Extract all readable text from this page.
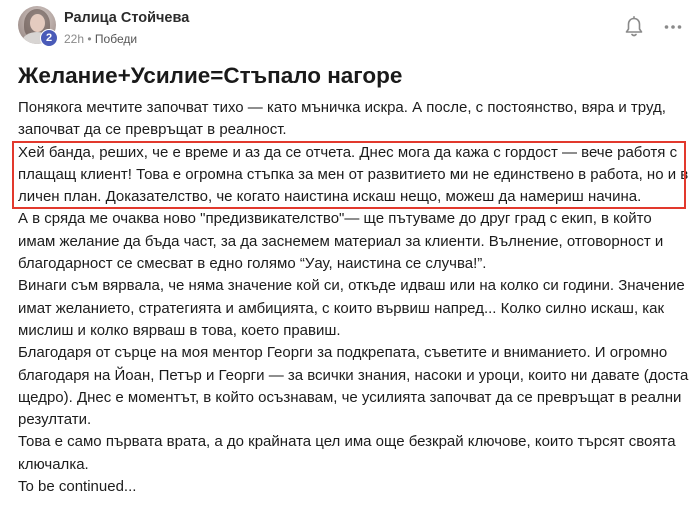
2
Ралица Стойчева
22h • Победи
Желание+Усилие=Стъпало нагоре

Понякога мечтите започват тихо — като мъничка искра. А после, с постоянство, вяра и труд, започват да се превръщат в реалност.

Хей банда, реших, че е време и аз да се отчета. Днес мога да кажа с гордост — вече работя с плащащ клиент! Това е огромна стъпка за мен от развитието ми не единствено в работа, но и в личен план. Доказателство, че когато наистина искаш нещо, можеш да намериш начина.

А в сряда ме очаква ново "предизвикателство"— ще пътуваме до друг град с екип, в който имам желание да бъда част, за да заснемем материал за клиенти. Вълнение, отговорност и благодарност се смесват в едно голямо “Уау, наистина се случва!”.

Винаги съм вярвала, че няма значение кой си, откъде идваш или на колко си години. Значение имат желанието, стратегията и амбицията, с които вървиш напред... Колко силно искаш, как мислиш и колко вярваш в това, което правиш.

Благодаря от сърце на моя ментор Георги за подкрепата, съветите и вниманието. И огромно благодаря на Йоан, Петър и Георги — за всички знания, насоки и уроци, които ни давате (доста щедро). Днес е моментът, в който осъзнавам, че усилията започват да се превръщат в реални резултати.

Това е само първата врата, а до крайната цел има още безкрай ключове, които търсят своята ключалка.

To be continued...
